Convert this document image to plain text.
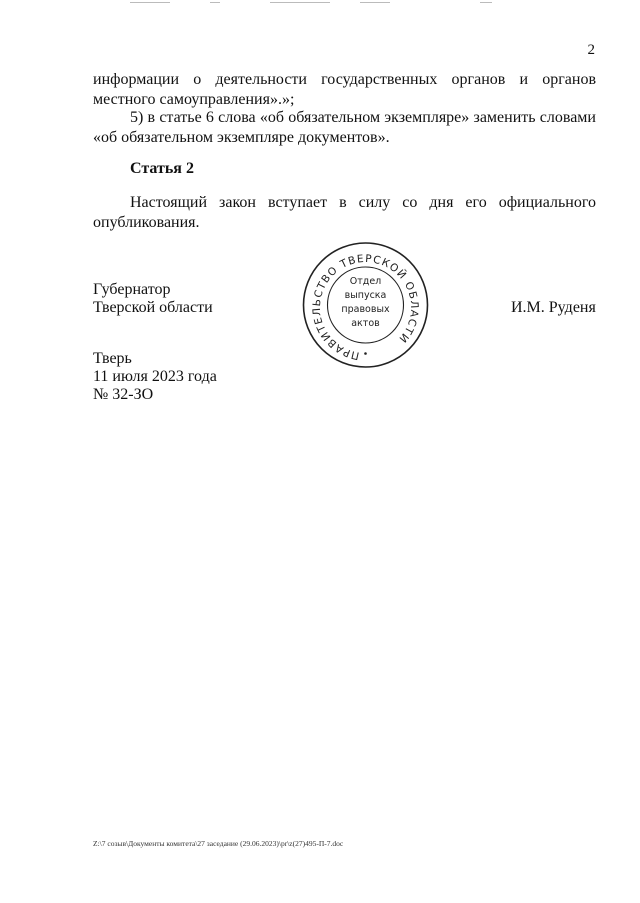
2

информации о деятельности государственных органов и органов местного самоуправления».»;

5) в статье 6 слова «об обязательном экземпляре» заменить словами «об обязательном экземпляре документов».

Статья 2

Настоящий закон вступает в силу со дня его официального опубликования.

Губернатор
Тверской области	И.М. Руденя
ПРАВИТЕЛЬСТВО ТВЕРСКОЙ ОБЛАСТИ
Отдел
выпуска
правовых
актов
Тверь
11 июля 2023 года
№ 32-ЗО
Z:\7 созыв\Документы комитета\27 заседание (29.06.2023)\pr\z(27)495-П-7.doc
